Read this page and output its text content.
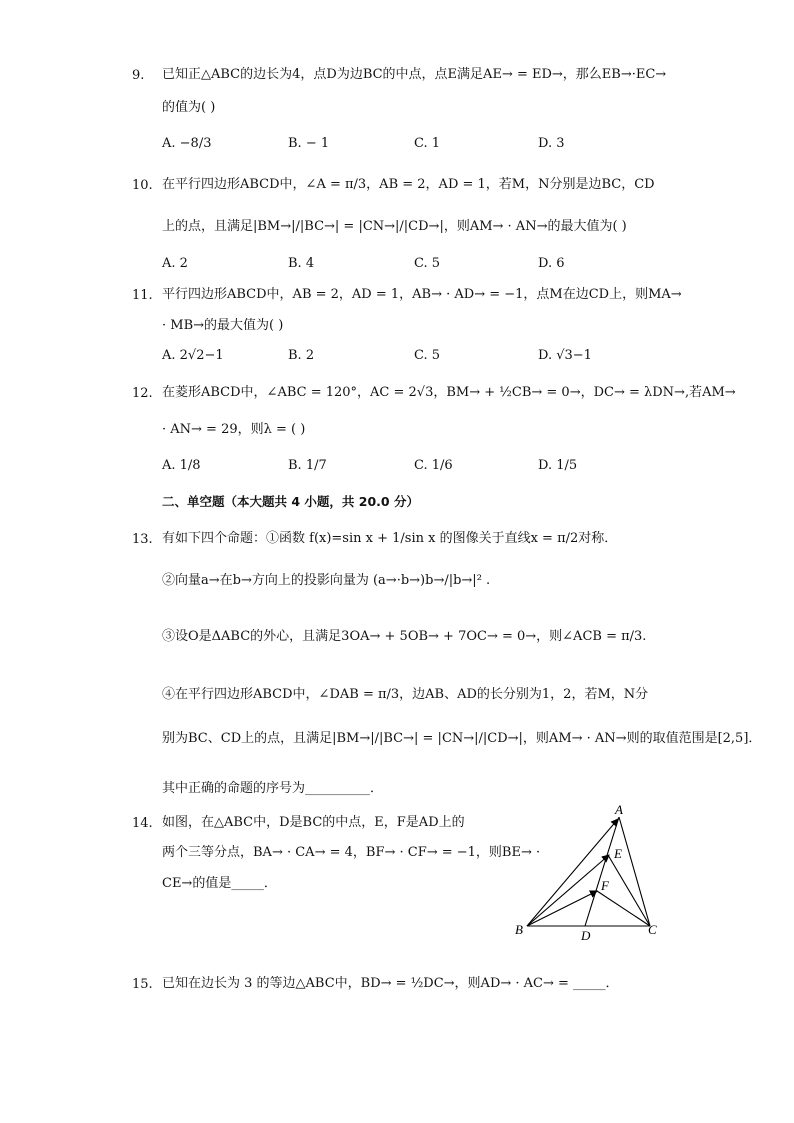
9. 已知正△ABC的边长为4，点D为边BC的中点，点E满足AE→ = ED→，那么EB→·EC→
的值为( )
A. −8/3	B. − 1	C. 1	D. 3
10. 在平行四边形ABCD中，∠A = π/3，AB = 2，AD = 1，若M，N分别是边BC，CD
上的点，且满足|BM→|/|BC→| = |CN→|/|CD→|，则AM→ · AN→的最大值为( )
A. 2	B. 4	C. 5	D. 6
11. 平行四边形ABCD中，AB = 2，AD = 1，AB→ · AD→ = −1，点M在边CD上，则MA→
· MB→的最大值为( )
A. 2√2−1	B. 2	C. 5	D. √3−1
12. 在菱形ABCD中，∠ABC = 120°，AC = 2√3，BM→ + ½CB→ = 0→，DC→ = λDN→,若AM→
· AN→ = 29，则λ = ( )
A. 1/8	B. 1/7	C. 1/6	D. 1/5
二、单空题（本大题共 4 小题，共 20.0 分）
13. 有如下四个命题：①函数 f(x)=sin x + 1/sin x 的图像关于直线x = π/2对称．
②向量a→在b→方向上的投影向量为 (a→·b→)b→/|b→|² .
③设O是ΔABC的外心，且满足3OA→ + 5OB→ + 7OC→ = 0→，则∠ACB = π/3.
④在平行四边形ABCD中，∠DAB = π/3，边AB、AD的长分别为1，2，若M，N分
别为BC、CD上的点，且满足|BM→|/|BC→| = |CN→|/|CD→|，则AM→ · AN→则的取值范围是[2,5]．
其中正确的命题的序号为__________．
14. 如图，在△ABC中，D是BC的中点，E，F是AD上的
两个三等分点，BA→ · CA→ = 4，BF→ · CF→ = −1，则BE→ ·
CE→的值是_____．
A
E
F
B	D	C
15. 已知在边长为 3 的等边△ABC中，BD→ = ½DC→，则AD→ · AC→ = _____．
